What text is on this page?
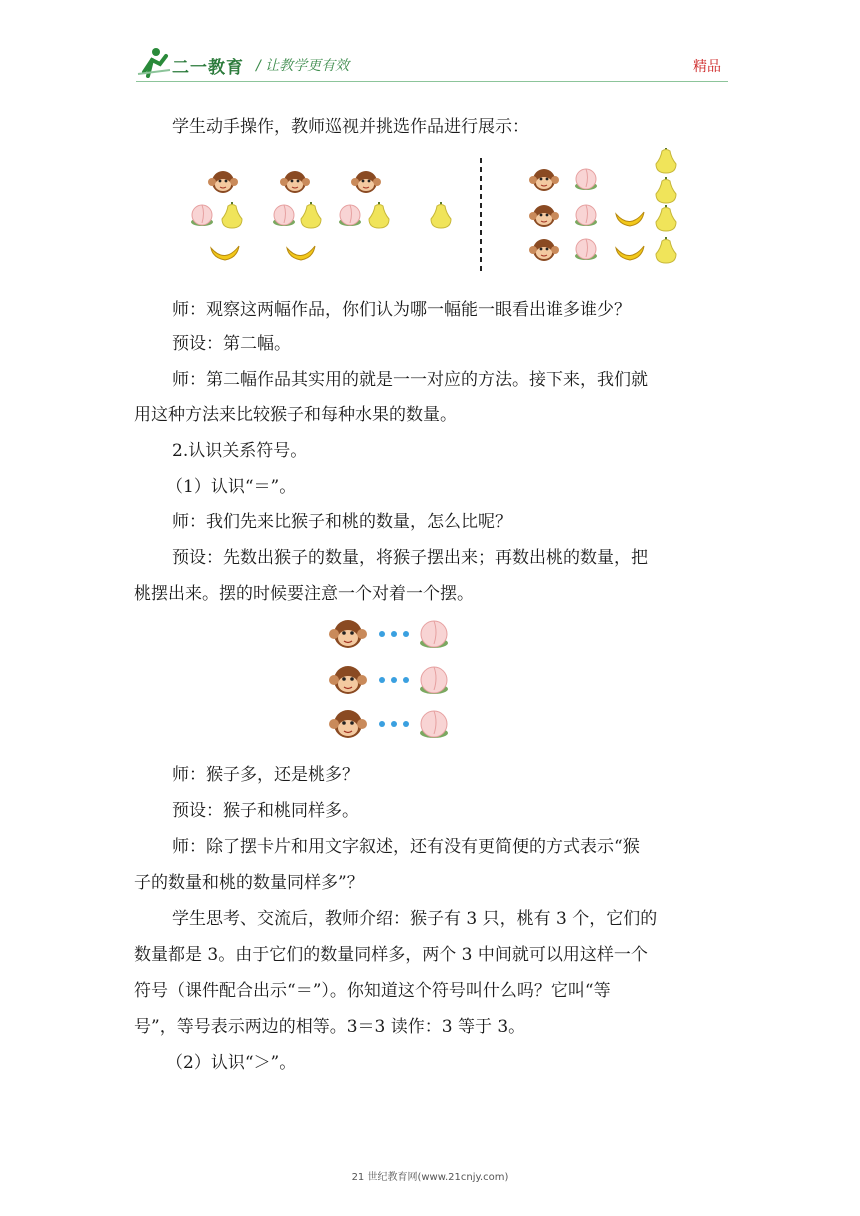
二一教育 / 让教学更有效	精品
学生动手操作，教师巡视并挑选作品进行展示：
师：观察这两幅作品，你们认为哪一幅能一眼看出谁多谁少？
预设：第二幅。
师：第二幅作品其实用的就是一一对应的方法。接下来，我们就
用这种方法来比较猴子和每种水果的数量。
2.认识关系符号。
（1）认识“＝”。
师：我们先来比猴子和桃的数量，怎么比呢？
预设：先数出猴子的数量，将猴子摆出来；再数出桃的数量，把
桃摆出来。摆的时候要注意一个对着一个摆。
师：猴子多，还是桃多？
预设：猴子和桃同样多。
师：除了摆卡片和用文字叙述，还有没有更简便的方式表示“猴
子的数量和桃的数量同样多”？
学生思考、交流后，教师介绍：猴子有 3 只，桃有 3 个，它们的
数量都是 3。由于它们的数量同样多，两个 3 中间就可以用这样一个
符号（课件配合出示“＝”）。你知道这个符号叫什么吗？它叫“等
号”，等号表示两边的相等。3＝3 读作：3 等于 3。
（2）认识“＞”。
21 世纪教育网(www.21cnjy.com)
